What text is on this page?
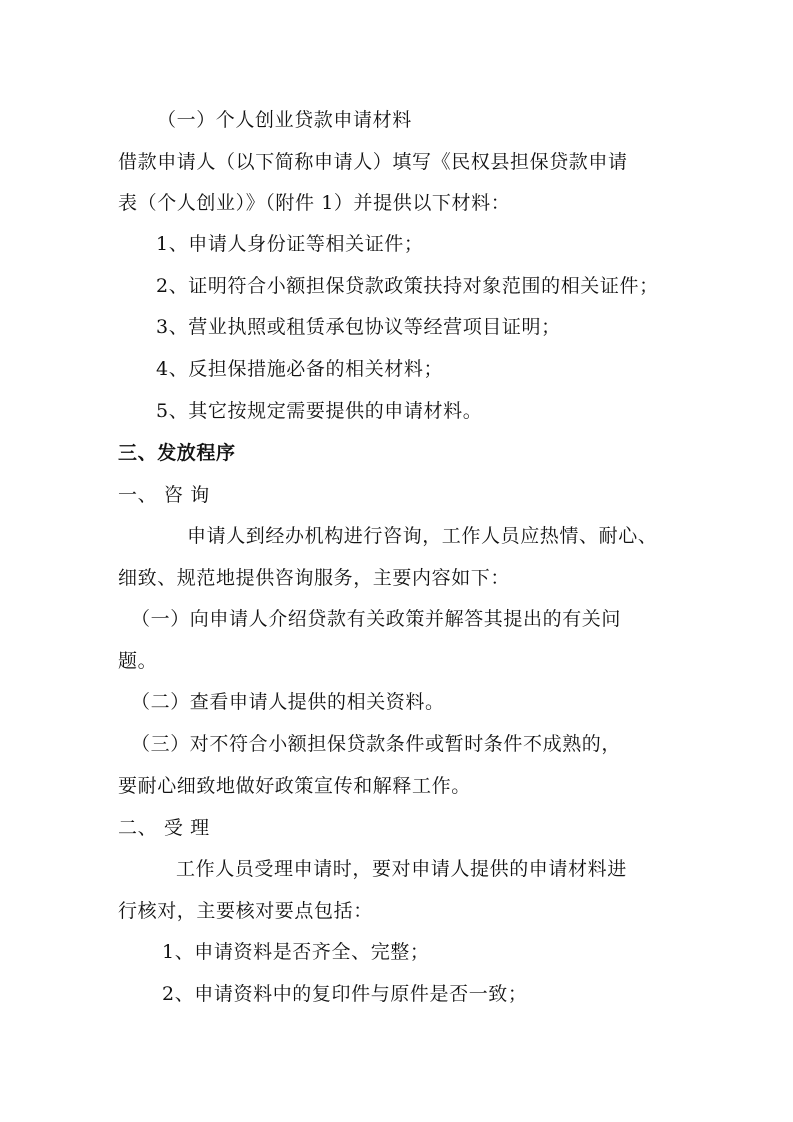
（一）个人创业贷款申请材料
借款申请人（以下简称申请人）填写《民权县担保贷款申请
表（个人创业）》（附件 1）并提供以下材料：
1、申请人身份证等相关证件；
2、证明符合小额担保贷款政策扶持对象范围的相关证件；
3、营业执照或租赁承包协议等经营项目证明；
4、反担保措施必备的相关材料；
5、其它按规定需要提供的申请材料。
三、发放程序
一、 咨 询
申请人到经办机构进行咨询，工作人员应热情、耐心、
细致、规范地提供咨询服务，主要内容如下：
（一）向申请人介绍贷款有关政策并解答其提出的有关问
题。
（二）查看申请人提供的相关资料。
（三）对不符合小额担保贷款条件或暂时条件不成熟的，
要耐心细致地做好政策宣传和解释工作。
二、 受 理
工作人员受理申请时，要对申请人提供的申请材料进
行核对，主要核对要点包括：
1、申请资料是否齐全、完整；
2、申请资料中的复印件与原件是否一致；
